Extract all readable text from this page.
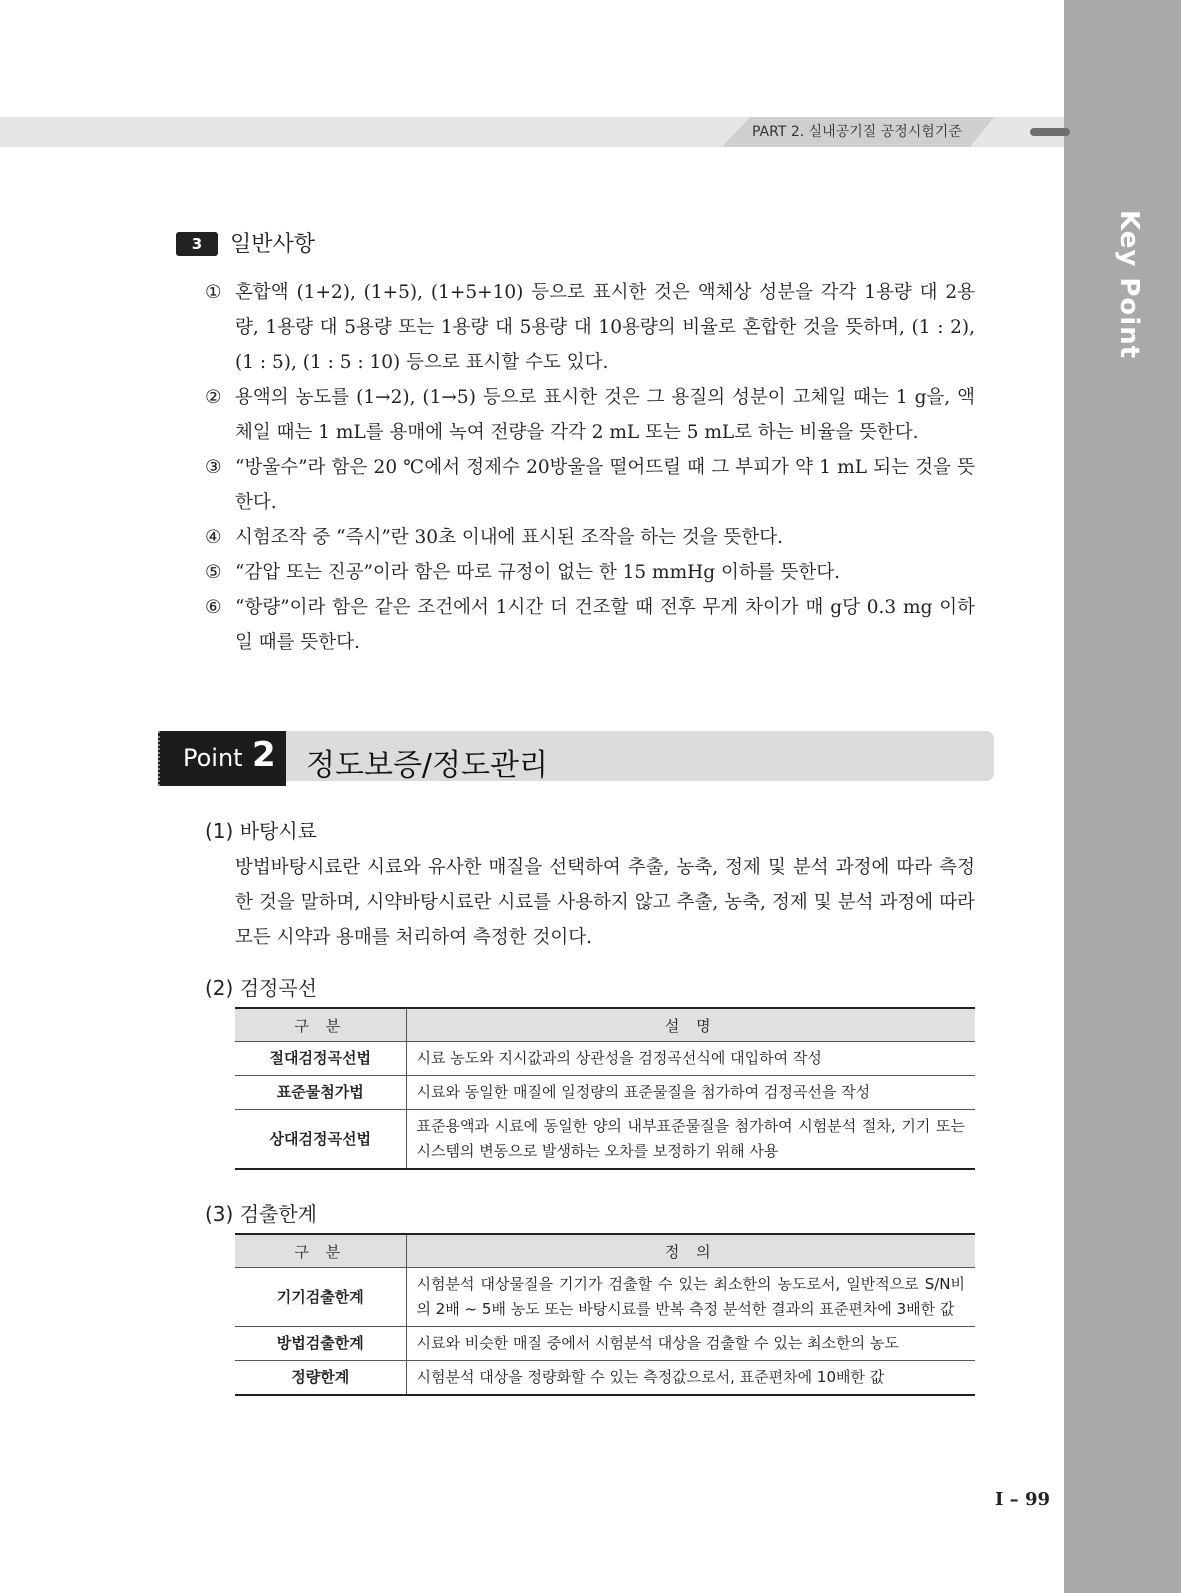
Key Point
PART 2. 실내공기질 공정시험기준
3	일반사항
① 혼합액 (1+2), (1+5), (1+5+10) 등으로 표시한 것은 액체상 성분을 각각 1용량 대 2용량, 1용량 대 5용량 또는 1용량 대 5용량 대 10용량의 비율로 혼합한 것을 뜻하며, (1 : 2), (1 : 5), (1 : 5 : 10) 등으로 표시할 수도 있다.
② 용액의 농도를 (1→2), (1→5) 등으로 표시한 것은 그 용질의 성분이 고체일 때는 1 g을, 액체일 때는 1 mL를 용매에 녹여 전량을 각각 2 mL 또는 5 mL로 하는 비율을 뜻한다.
③ “방울수”라 함은 20 ℃에서 정제수 20방울을 떨어뜨릴 때 그 부피가 약 1 mL 되는 것을 뜻한다.
④ 시험조작 중 “즉시”란 30초 이내에 표시된 조작을 하는 것을 뜻한다.
⑤ “감압 또는 진공”이라 함은 따로 규정이 없는 한 15 mmHg 이하를 뜻한다.
⑥ “항량”이라 함은 같은 조건에서 1시간 더 건조할 때 전후 무게 차이가 매 g당 0.3 mg 이하일 때를 뜻한다.
Point 2 정도보증/정도관리
(1) 바탕시료
방법바탕시료란 시료와 유사한 매질을 선택하여 추출, 농축, 정제 및 분석 과정에 따라 측정한 것을 말하며, 시약바탕시료란 시료를 사용하지 않고 추출, 농축, 정제 및 분석 과정에 따라 모든 시약과 용매를 처리하여 측정한 것이다.
(2) 검정곡선
구 분	설 명
절대검정곡선법	시료 농도와 지시값과의 상관성을 검정곡선식에 대입하여 작성
표준물첨가법	시료와 동일한 매질에 일정량의 표준물질을 첨가하여 검정곡선을 작성
상대검정곡선법	표준용액과 시료에 동일한 양의 내부표준물질을 첨가하여 시험분석 절차, 기기 또는 시스템의 변동으로 발생하는 오차를 보정하기 위해 사용
(3) 검출한계
구 분	정 의
기기검출한계	시험분석 대상물질을 기기가 검출할 수 있는 최소한의 농도로서, 일반적으로 S/N비의 2배 ~ 5배 농도 또는 바탕시료를 반복 측정 분석한 결과의 표준편차에 3배한 값
방법검출한계	시료와 비슷한 매질 중에서 시험분석 대상을 검출할 수 있는 최소한의 농도
정량한계	시험분석 대상을 정량화할 수 있는 측정값으로서, 표준편차에 10배한 값
I – 99
